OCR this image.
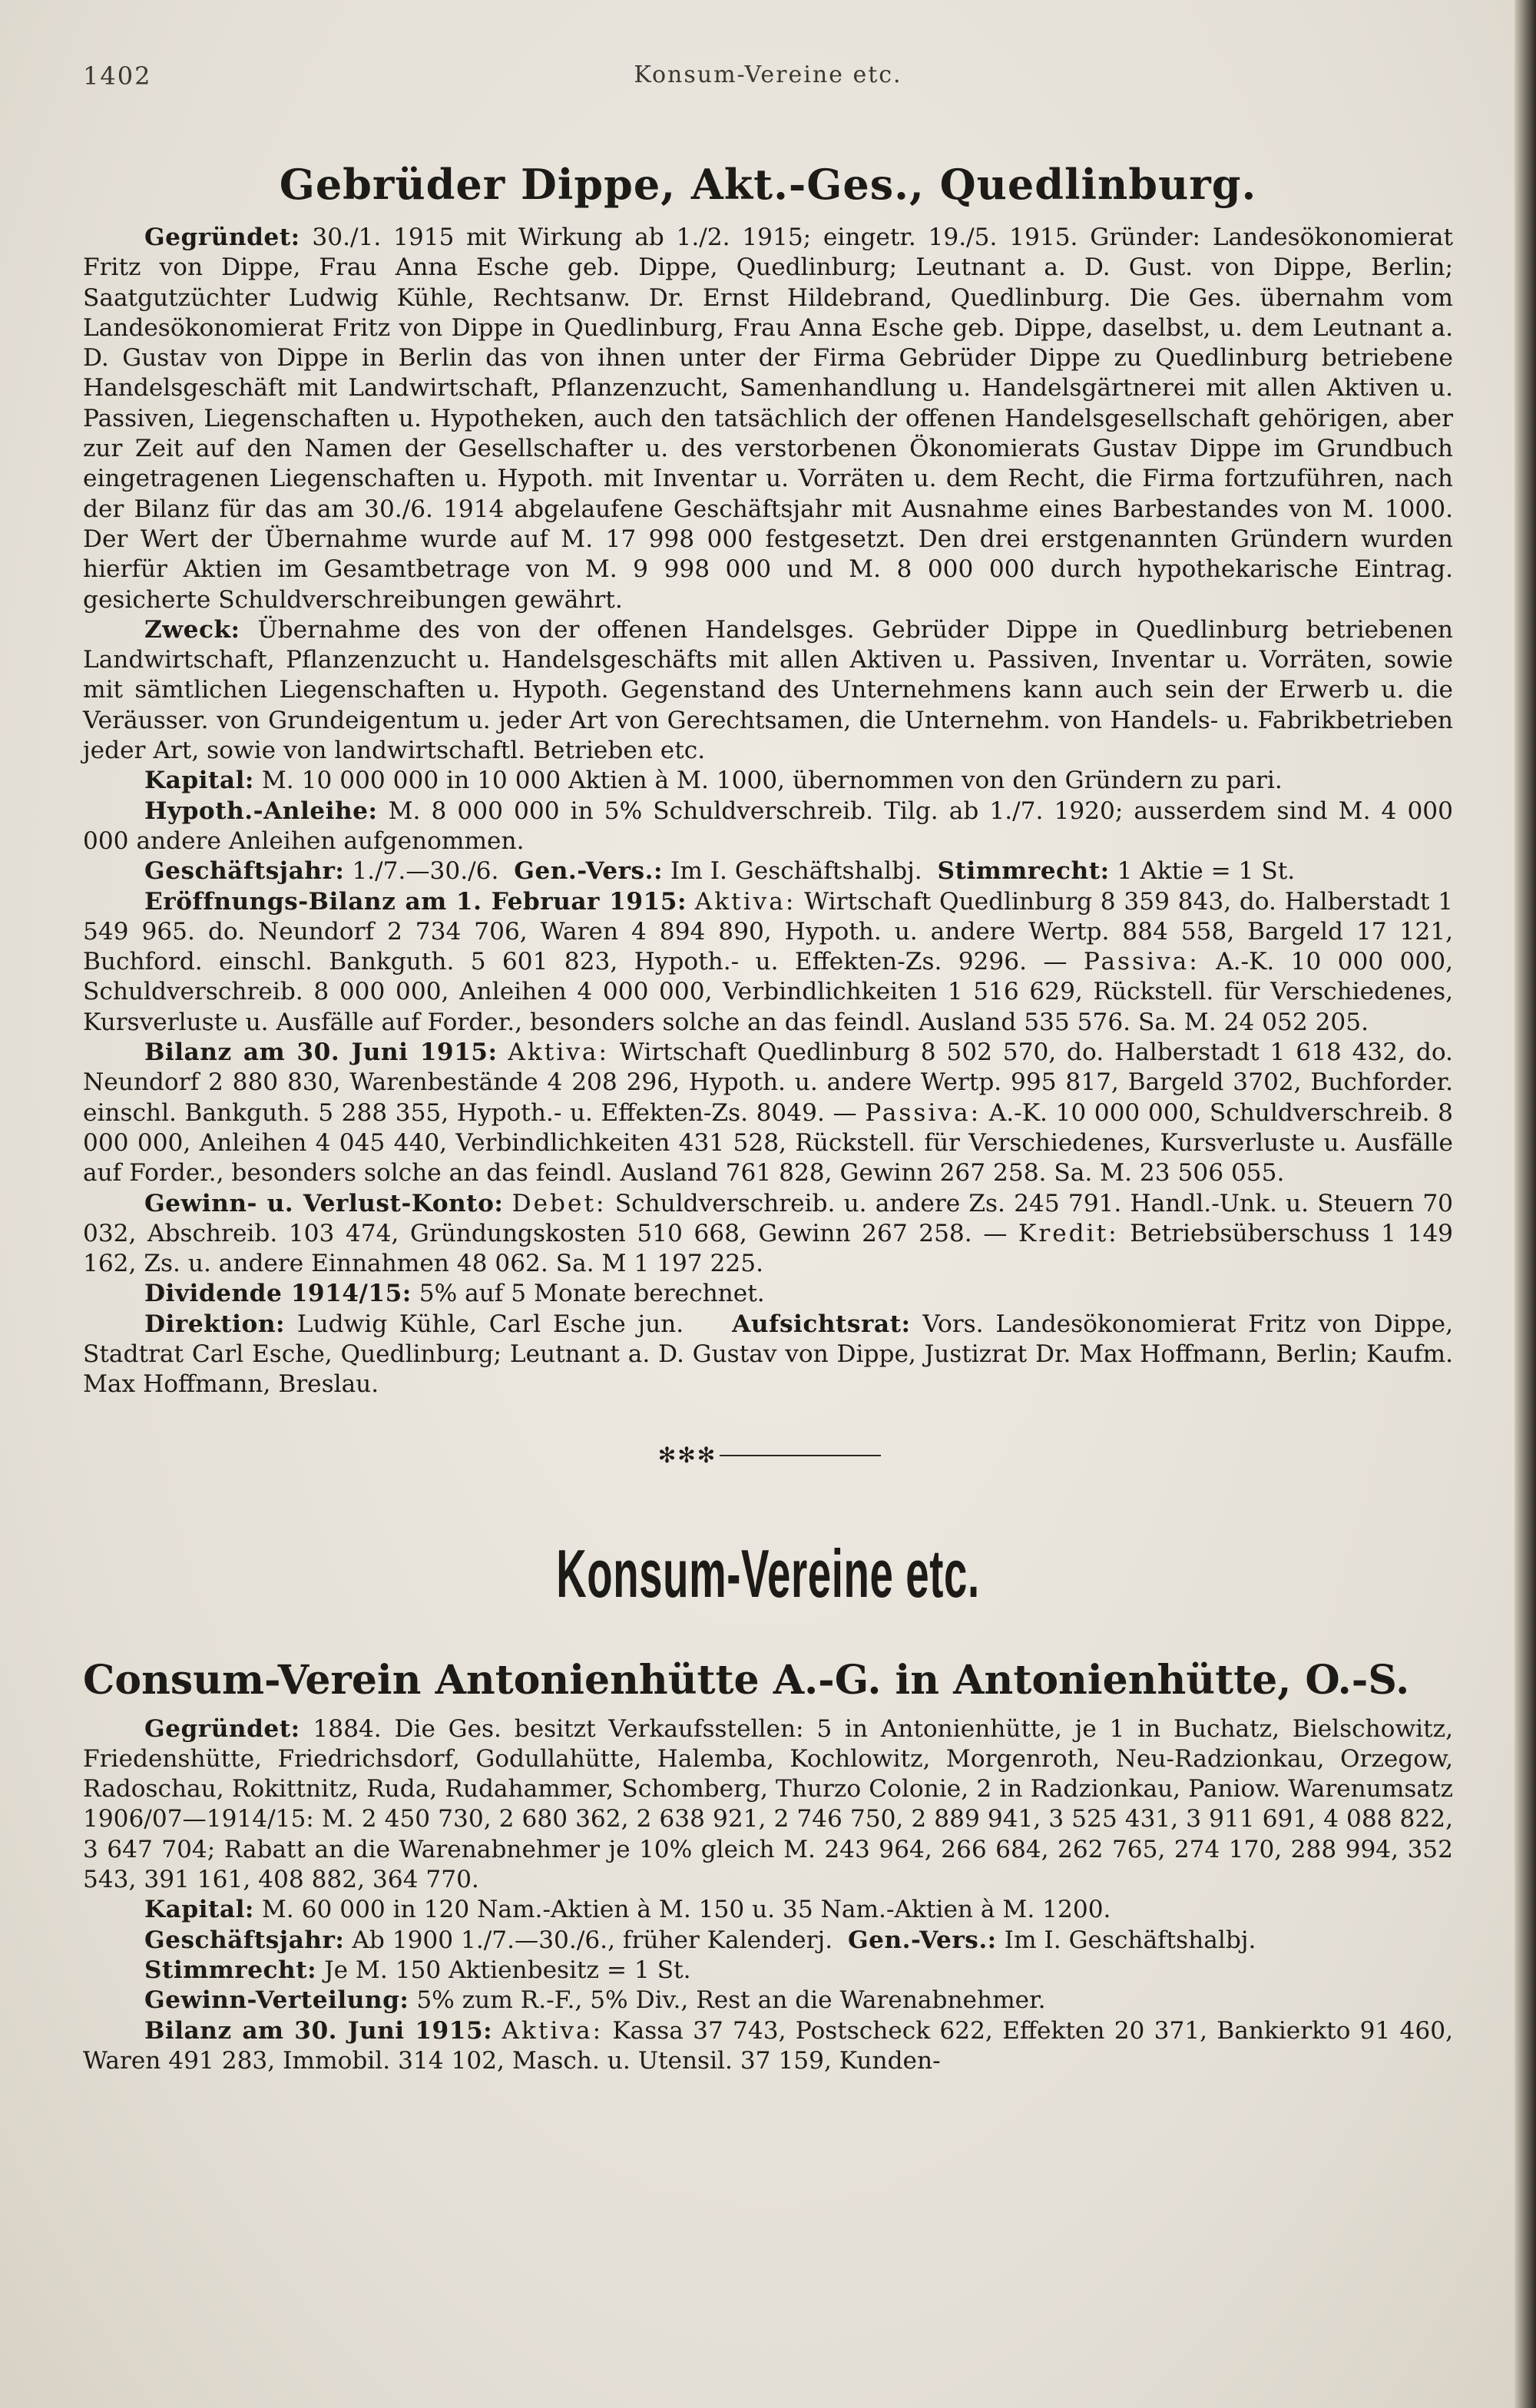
1402	Konsum-Vereine etc.
Gebrüder Dippe, Akt.-Ges., Quedlinburg.

Gegründet: 30./1. 1915 mit Wirkung ab 1./2. 1915; eingetr. 19./5. 1915. Gründer: Landesökonomierat Fritz von Dippe, Frau Anna Esche geb. Dippe, Quedlinburg; Leutnant a. D. Gust. von Dippe, Berlin; Saatgutzüchter Ludwig Kühle, Rechtsanw. Dr. Ernst Hildebrand, Quedlinburg. Die Ges. übernahm vom Landesökonomierat Fritz von Dippe in Quedlinburg, Frau Anna Esche geb. Dippe, daselbst, u. dem Leutnant a. D. Gustav von Dippe in Berlin das von ihnen unter der Firma Gebrüder Dippe zu Quedlinburg betriebene Handelsgeschäft mit Landwirtschaft, Pflanzenzucht, Samenhandlung u. Handelsgärtnerei mit allen Aktiven u. Passiven, Liegenschaften u. Hypotheken, auch den tatsächlich der offenen Handelsgesellschaft gehörigen, aber zur Zeit auf den Namen der Gesellschafter u. des verstorbenen Ökonomierats Gustav Dippe im Grundbuch eingetragenen Liegenschaften u. Hypoth. mit Inventar u. Vorräten u. dem Recht, die Firma fortzuführen, nach der Bilanz für das am 30./6. 1914 abgelaufene Geschäftsjahr mit Ausnahme eines Barbestandes von M. 1000. Der Wert der Übernahme wurde auf M. 17 998 000 festgesetzt. Den drei erstgenannten Gründern wurden hierfür Aktien im Gesamtbetrage von M. 9 998 000 und M. 8 000 000 durch hypothekarische Eintrag. gesicherte Schuldverschreibungen gewährt.

Zweck: Übernahme des von der offenen Handelsges. Gebrüder Dippe in Quedlinburg betriebenen Landwirtschaft, Pflanzenzucht u. Handelsgeschäfts mit allen Aktiven u. Passiven, Inventar u. Vorräten, sowie mit sämtlichen Liegenschaften u. Hypoth. Gegenstand des Unternehmens kann auch sein der Erwerb u. die Veräusser. von Grundeigentum u. jeder Art von Gerechtsamen, die Unternehm. von Handels- u. Fabrikbetrieben jeder Art, sowie von landwirtschaftl. Betrieben etc.

Kapital: M. 10 000 000 in 10 000 Aktien à M. 1000, übernommen von den Gründern zu pari.

Hypoth.-Anleihe: M. 8 000 000 in 5% Schuldverschreib. Tilg. ab 1./7. 1920; ausserdem sind M. 4 000 000 andere Anleihen aufgenommen.

Geschäftsjahr: 1./7.—30./6. Gen.-Vers.: Im I. Geschäftshalbj. Stimmrecht: 1 Aktie = 1 St.

Eröffnungs-Bilanz am 1. Februar 1915: Aktiva: Wirtschaft Quedlinburg 8 359 843, do. Halberstadt 1 549 965. do. Neundorf 2 734 706, Waren 4 894 890, Hypoth. u. andere Wertp. 884 558, Bargeld 17 121, Buchford. einschl. Bankguth. 5 601 823, Hypoth.- u. Effekten-Zs. 9296. — Passiva: A.-K. 10 000 000, Schuldverschreib. 8 000 000, Anleihen 4 000 000, Verbindlichkeiten 1 516 629, Rückstell. für Verschiedenes, Kursverluste u. Ausfälle auf Forder., besonders solche an das feindl. Ausland 535 576. Sa. M. 24 052 205.

Bilanz am 30. Juni 1915: Aktiva: Wirtschaft Quedlinburg 8 502 570, do. Halberstadt 1 618 432, do. Neundorf 2 880 830, Warenbestände 4 208 296, Hypoth. u. andere Wertp. 995 817, Bargeld 3702, Buchforder. einschl. Bankguth. 5 288 355, Hypoth.- u. Effekten-Zs. 8049. — Passiva: A.-K. 10 000 000, Schuldverschreib. 8 000 000, Anleihen 4 045 440, Verbindlichkeiten 431 528, Rückstell. für Verschiedenes, Kursverluste u. Ausfälle auf Forder., besonders solche an das feindl. Ausland 761 828, Gewinn 267 258. Sa. M. 23 506 055.

Gewinn- u. Verlust-Konto: Debet: Schuldverschreib. u. andere Zs. 245 791. Handl.-Unk. u. Steuern 70 032, Abschreib. 103 474, Gründungskosten 510 668, Gewinn 267 258. — Kredit: Betriebsüberschuss 1 149 162, Zs. u. andere Einnahmen 48 062. Sa. M 1 197 225.

Dividende 1914/15: 5% auf 5 Monate berechnet.

Direktion: Ludwig Kühle, Carl Esche jun. Aufsichtsrat: Vors. Landesökonomierat Fritz von Dippe, Stadtrat Carl Esche, Quedlinburg; Leutnant a. D. Gustav von Dippe, Justizrat Dr. Max Hoffmann, Berlin; Kaufm. Max Hoffmann, Breslau.

✻✻✻
Konsum-Vereine etc.
Consum-Verein Antonienhütte A.-G. in Antonienhütte, O.-S.

Gegründet: 1884. Die Ges. besitzt Verkaufsstellen: 5 in Antonienhütte, je 1 in Buchatz, Bielschowitz, Friedenshütte, Friedrichsdorf, Godullahütte, Halemba, Kochlowitz, Morgenroth, Neu-Radzionkau, Orzegow, Radoschau, Rokittnitz, Ruda, Rudahammer, Schomberg, Thurzo Colonie, 2 in Radzionkau, Paniow. Warenumsatz 1906/07—1914/15: M. 2 450 730, 2 680 362, 2 638 921, 2 746 750, 2 889 941, 3 525 431, 3 911 691, 4 088 822, 3 647 704; Rabatt an die Warenabnehmer je 10% gleich M. 243 964, 266 684, 262 765, 274 170, 288 994, 352 543, 391 161, 408 882, 364 770.

Kapital: M. 60 000 in 120 Nam.-Aktien à M. 150 u. 35 Nam.-Aktien à M. 1200.

Geschäftsjahr: Ab 1900 1./7.—30./6., früher Kalenderj. Gen.-Vers.: Im I. Geschäftshalbj.

Stimmrecht: Je M. 150 Aktienbesitz = 1 St.

Gewinn-Verteilung: 5% zum R.-F., 5% Div., Rest an die Warenabnehmer.

Bilanz am 30. Juni 1915: Aktiva: Kassa 37 743, Postscheck 622, Effekten 20 371, Bankierkto 91 460, Waren 491 283, Immobil. 314 102, Masch. u. Utensil. 37 159, Kunden-
